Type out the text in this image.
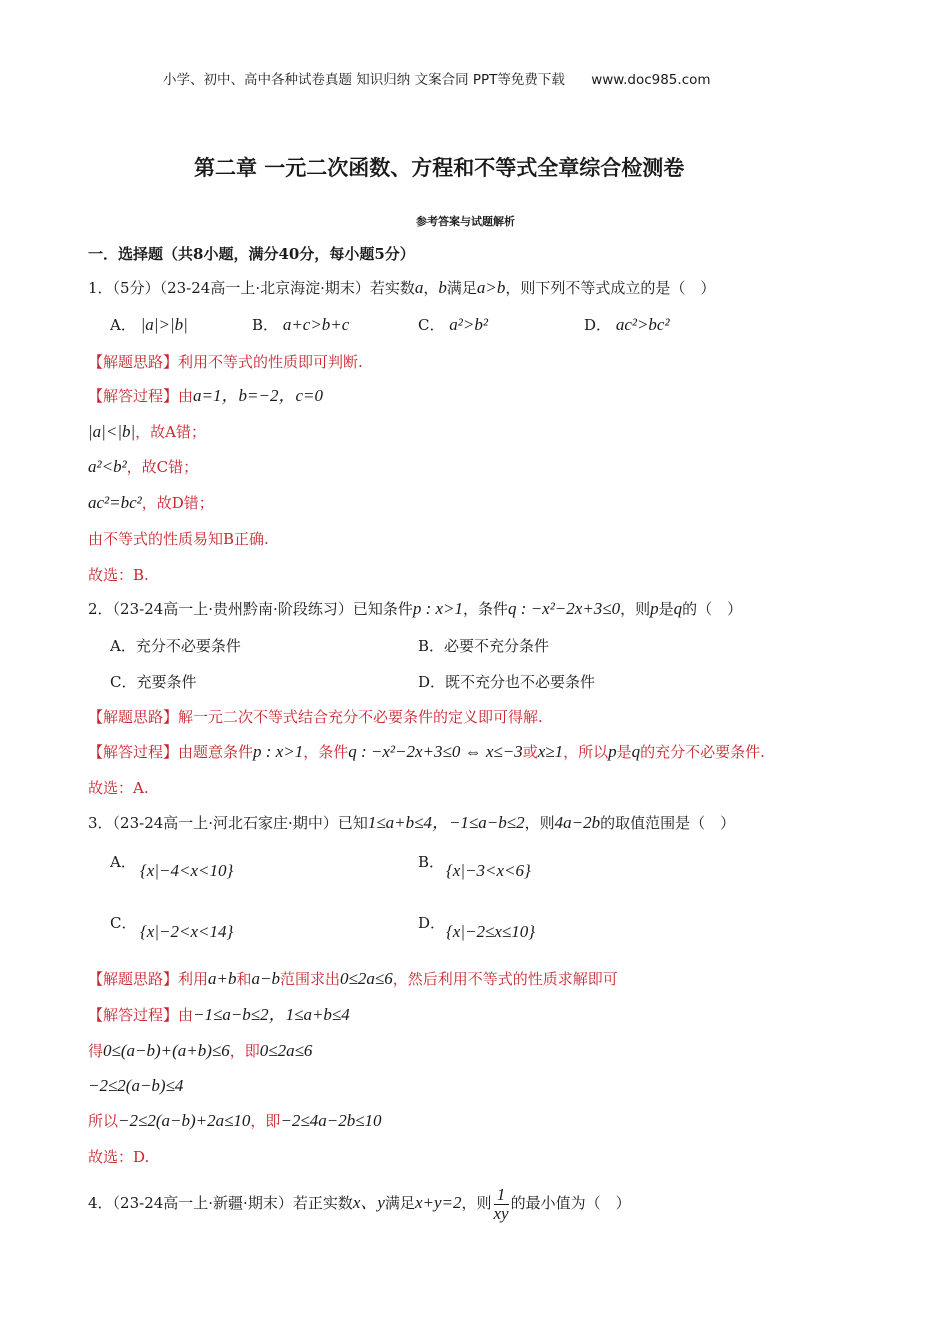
小学、初中、高中各种试卷真题 知识归纳 文案合同 PPT等免费下载 www.doc985.com
第二章 一元二次函数、方程和不等式全章综合检测卷
参考答案与试题解析
一．选择题（共8小题，满分40分，每小题5分）
1．（5分）（23-24高一上·北京海淀·期末）若实数a，b满足a>b，则下列不等式成立的是（　）
A． |a|>|b|	B． a+c>b+c	C． a²>b²	D． ac²>bc²
【解题思路】利用不等式的性质即可判断.
【解答过程】由a=1，b=−2，c=0
|a|<|b|，故A错；
a²<b²，故C错；
ac²=bc²，故D错；
由不等式的性质易知B正确.
故选：B.
2．（23-24高一上·贵州黔南·阶段练习）已知条件p : x>1，条件q : −x²−2x+3≤0，则p是q的（　）
A．充分不必要条件	B．必要不充分条件
C．充要条件	D．既不充分也不必要条件
【解题思路】解一元二次不等式结合充分不必要条件的定义即可得解.
【解答过程】由题意条件p : x>1，条件q : −x²−2x+3≤0 ⇔ x≤−3或x≥1，所以p是q的充分不必要条件.
故选：A.
3．（23-24高一上·河北石家庄·期中）已知1≤a+b≤4，−1≤a−b≤2，则4a−2b的取值范围是（　）
A． {x|−4<x<10}	B． {x|−3<x<6}
C． {x|−2<x<14}	D． {x|−2≤x≤10}
【解题思路】利用a+b和a−b范围求出0≤2a≤6，然后利用不等式的性质求解即可
【解答过程】由−1≤a−b≤2，1≤a+b≤4
得0≤(a−b)+(a+b)≤6，即0≤2a≤6
−2≤2(a−b)≤4
所以−2≤2(a−b)+2a≤10，即−2≤4a−2b≤10
故选：D.
4．（23-24高一上·新疆·期末）若正实数x、y满足x+y=2，则 $\frac{1}{xy}$ 的最小值为（　）
